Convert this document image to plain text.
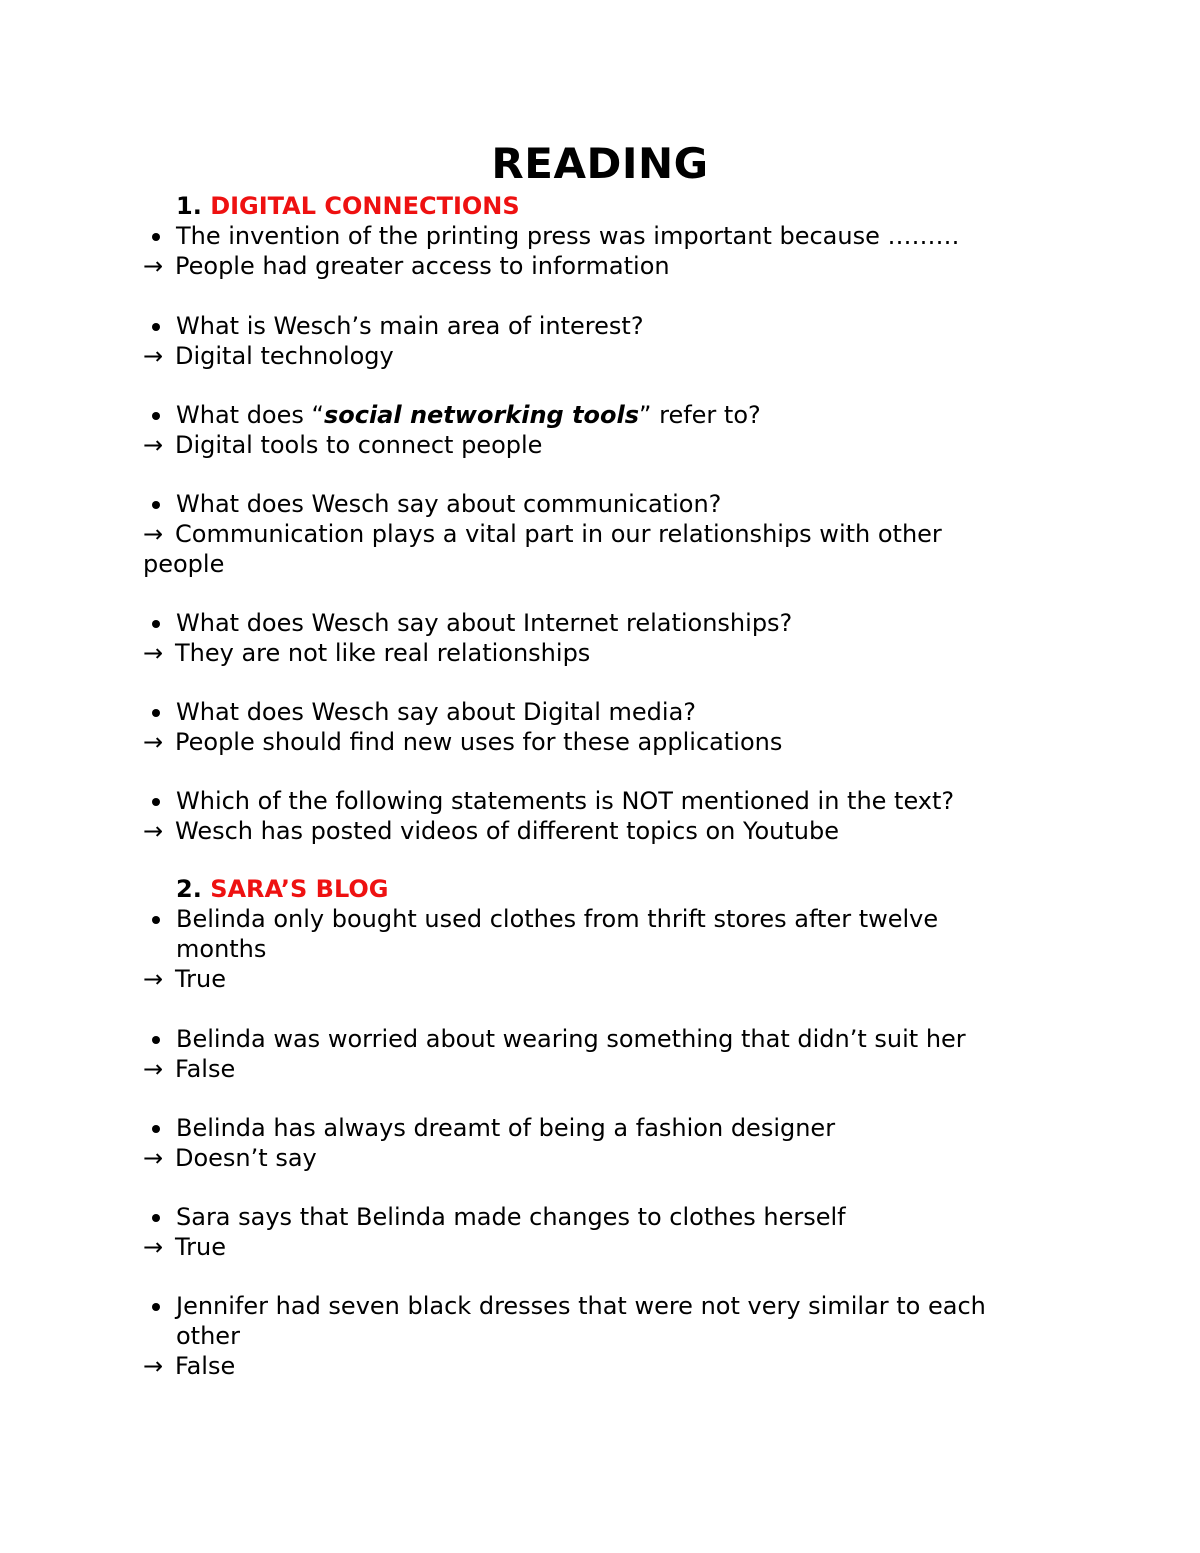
READING
1. DIGITAL CONNECTIONS
The invention of the printing press was important because ………
→ People had greater access to information
What is Wesch’s main area of interest?
→ Digital technology
What does “social networking tools” refer to?
→ Digital tools to connect people
What does Wesch say about communication?
→ Communication plays a vital part in our relationships with other
people
What does Wesch say about Internet relationships?
→ They are not like real relationships
What does Wesch say about Digital media?
→ People should find new uses for these applications
Which of the following statements is NOT mentioned in the text?
→ Wesch has posted videos of different topics on Youtube
2. SARA’S BLOG
Belinda only bought used clothes from thrift stores after twelve
months
→ True
Belinda was worried about wearing something that didn’t suit her
→ False
Belinda has always dreamt of being a fashion designer
→ Doesn’t say
Sara says that Belinda made changes to clothes herself
→ True
Jennifer had seven black dresses that were not very similar to each
other
→ False
